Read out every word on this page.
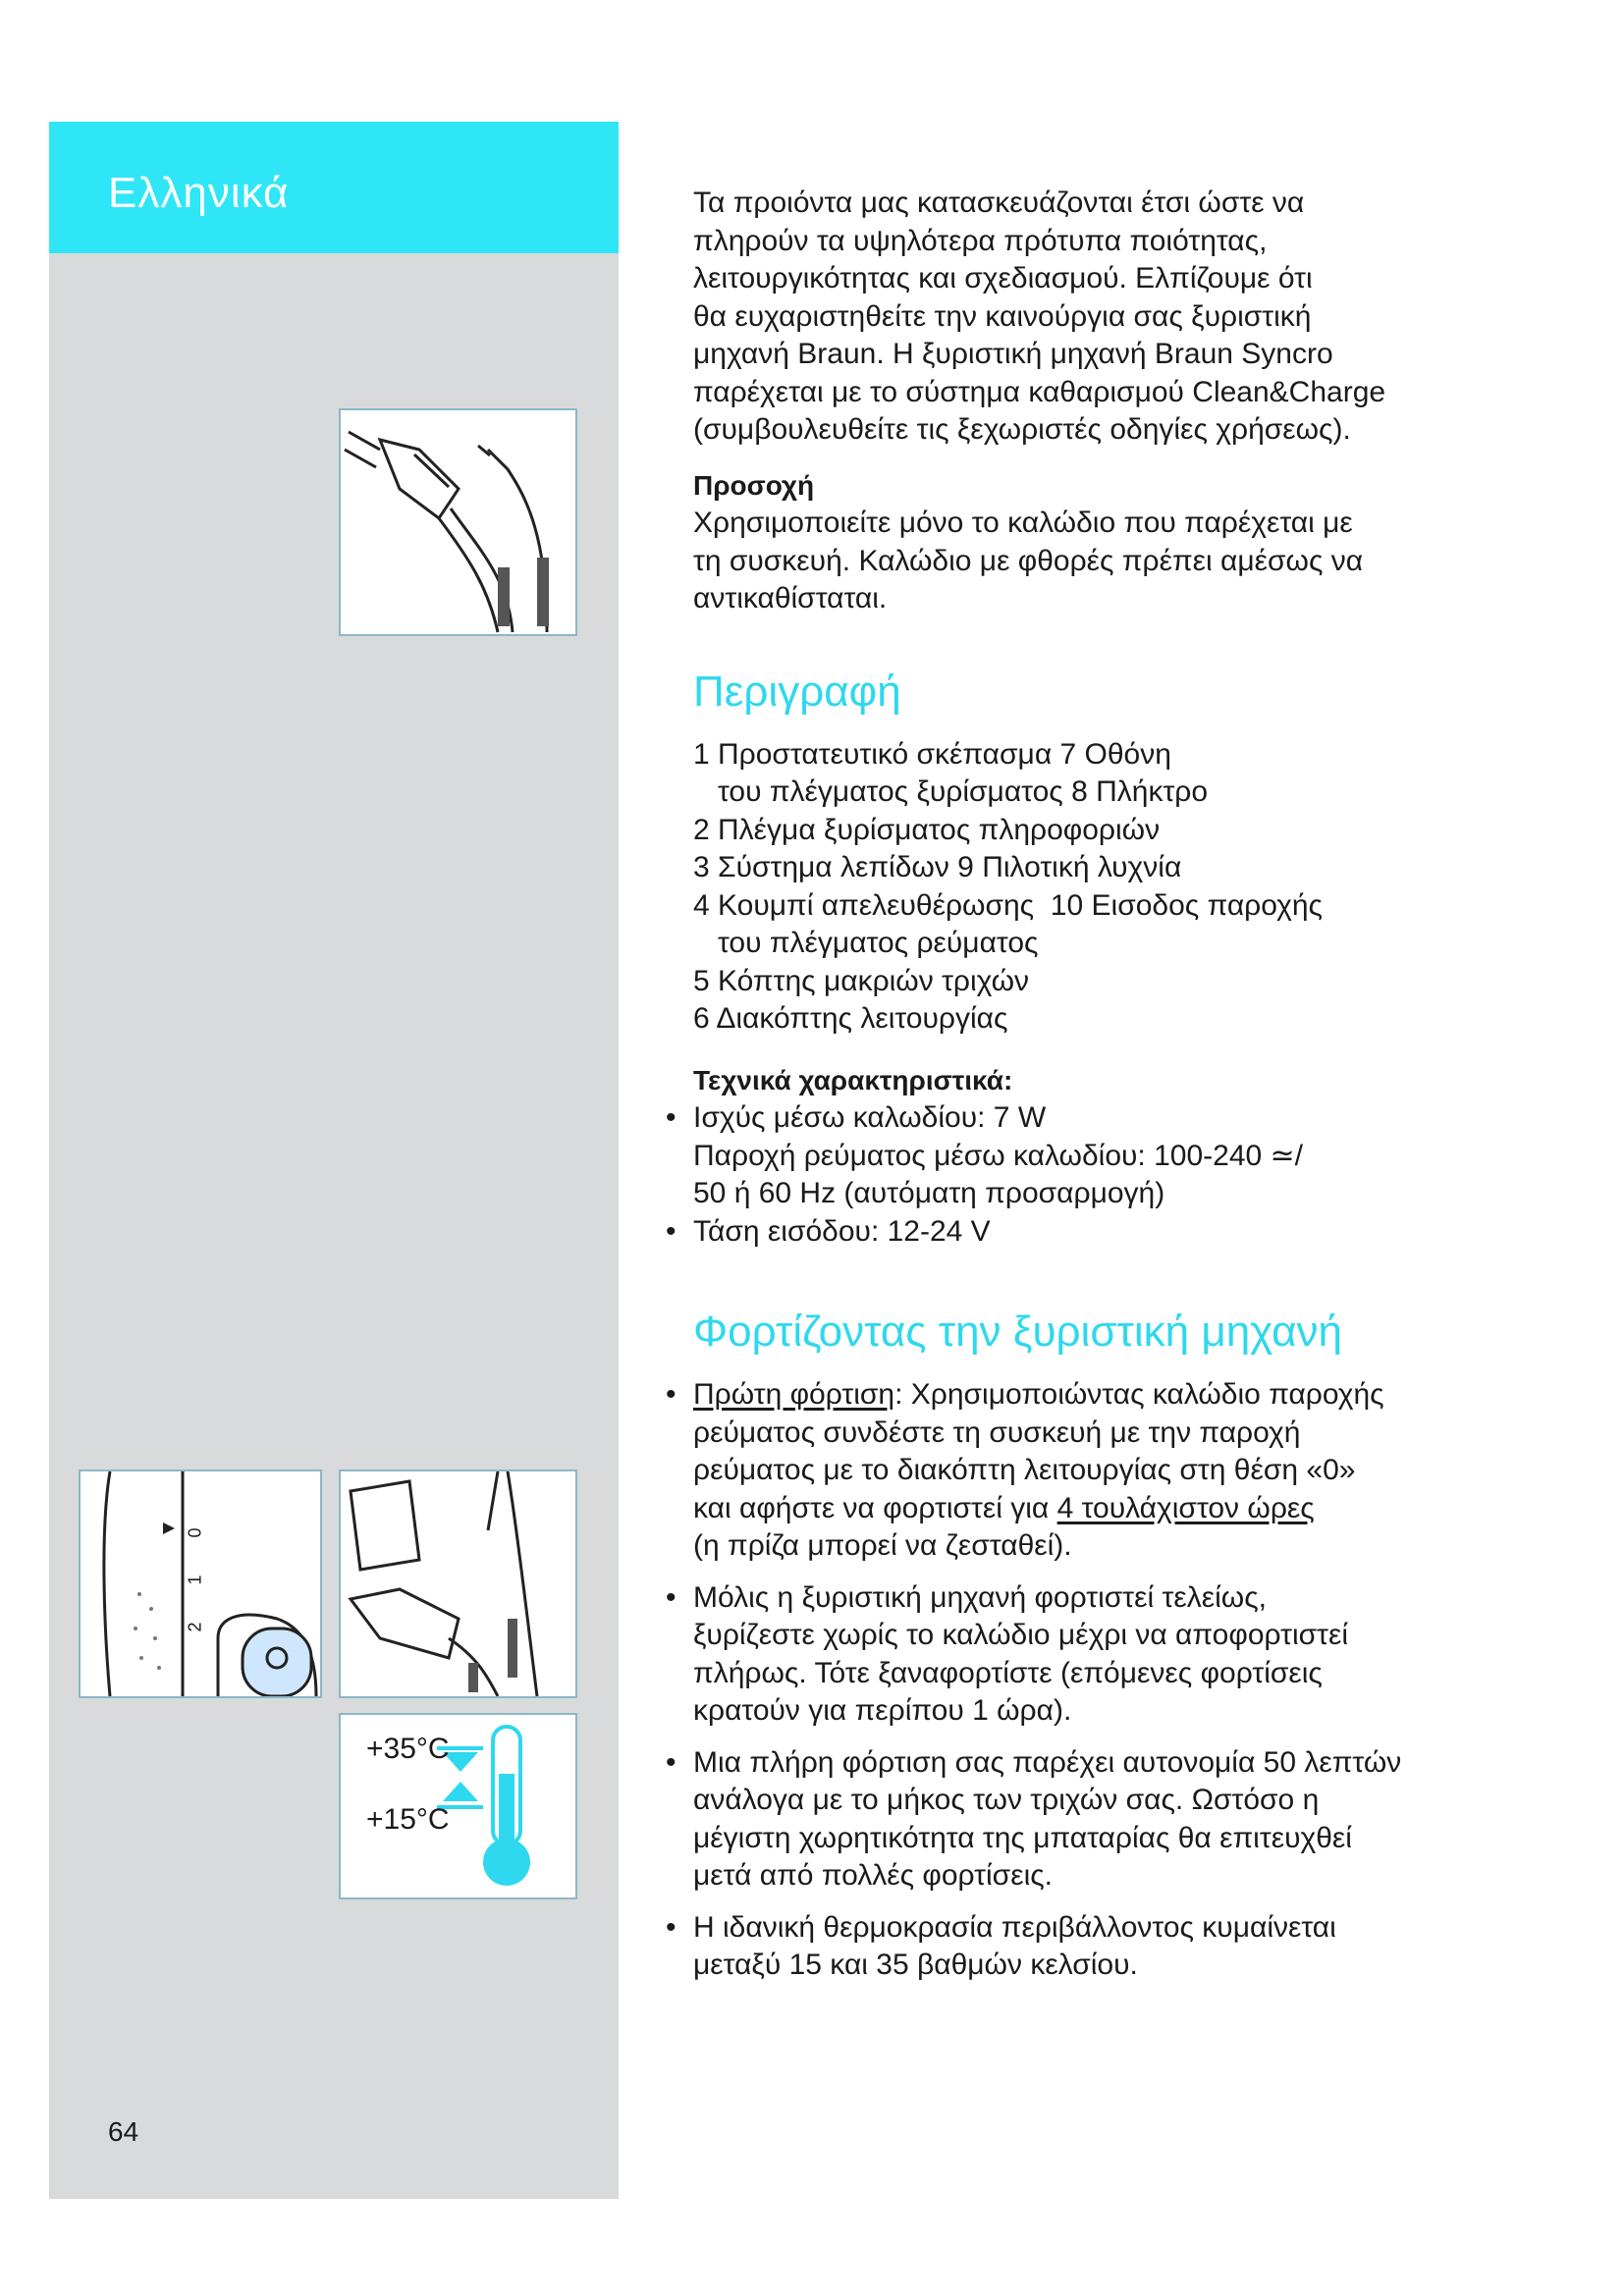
Ελληνικά
0
1
2
+35°C
+15°C
64

Τα προιόντα μας κατασκευάζονται έτσι ώστε να

πληρούν τα υψηλότερα πρότυπα ποιότητας,

λειτουργικότητας και σχεδιασμού. Ελπίζουμε ότι

θα ευχαριστηθείτε την καινούργια σας ξυριστική

μηχανή Braun. Η ξυριστική μηχανή Braun Syncro

παρέχεται με το σύστημα καθαρισμού Clean&Charge

(συμβουλευθείτε τις ξεχωριστές οδηγίες χρήσεως).

Προσοχή
Χρησιμοποιείτε μόνο το καλώδιο που παρέχεται με
τη συσκευή. Καλώδιο με φθορές πρέπει αμέσως να
αντικαθίσταται.
Περιγραφή
1 Προστατευτικό σκέπασμα 7 Οθόνη
του πλέγματος ξυρίσματος 8 Πλήκτρο
2 Πλέγμα ξυρίσματος πληροφοριών
3 Σύστημα λεπίδων 9 Πιλοτική λυχνία
4 Κουμπί απελευθέρωσης  10 Εισοδος παροχής
του πλέγματος ρεύματος
5 Κόπτης μακριών τριχών
6 Διακόπτης λειτουργίας
Τεχνικά χαρακτηριστικά:
• Ισχύς μέσω καλωδίου: 7 W
Παροχή ρεύματος μέσω καλωδίου: 100-240 ≃/
50 ή 60 Hz (αυτόματη προσαρμογή)
• Τάση εισόδου: 12-24 V
Φορτίζοντας την ξυριστική μηχανή
• Πρώτη φόρτιση: Χρησιμοποιώντας καλώδιο παροχής
ρεύματος συνδέστε τη συσκευή με την παροχή
ρεύματος με το διακόπτη λειτουργίας στη θέση «0»
και αφήστε να φορτιστεί για 4 τουλάχιστον ώρες
(η πρίζα μπορεί να ζεσταθεί).
• Μόλις η ξυριστική μηχανή φορτιστεί τελείως,
ξυρίζεστε χωρίς το καλώδιο μέχρι να αποφορτιστεί
πλήρως. Τότε ξαναφορτίστε (επόμενες φορτίσεις
κρατούν για περίπου 1 ώρα).
• Μια πλήρη φόρτιση σας παρέχει αυτονομία 50 λεπτών
ανάλογα με το μήκος των τριχών σας. Ωστόσο η
μέγιστη χωρητικότητα της μπαταρίας θα επιτευχθεί
μετά από πολλές φορτίσεις.
• Η ιδανική θερμοκρασία περιβάλλοντος κυμαίνεται
μεταξύ 15 και 35 βαθμών κελσίου.
